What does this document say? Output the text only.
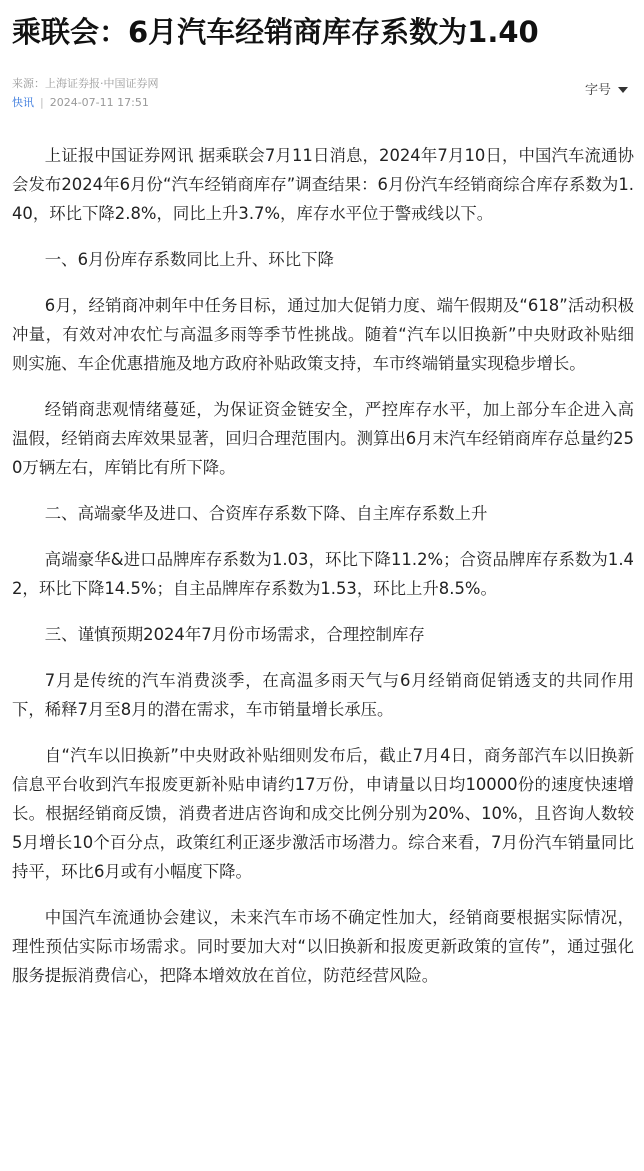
乘联会：6月汽车经销商库存系数为1.40
来源：上海证券报·中国证券网
快讯 | 2024-07-11 17:51
字号

上证报中国证券网讯 据乘联会7月11日消息，2024年7月10日，中国汽车流通协会发布2024年6月份“汽车经销商库存”调查结果：6月份汽车经销商综合库存系数为1.40，环比下降2.8%，同比上升3.7%，库存水平位于警戒线以下。

一、6月份库存系数同比上升、环比下降

6月，经销商冲刺年中任务目标，通过加大促销力度、端午假期及“618”活动积极冲量，有效对冲农忙与高温多雨等季节性挑战。随着“汽车以旧换新”中央财政补贴细则实施、车企优惠措施及地方政府补贴政策支持，车市终端销量实现稳步增长。

经销商悲观情绪蔓延，为保证资金链安全，严控库存水平，加上部分车企进入高温假，经销商去库效果显著，回归合理范围内。测算出6月末汽车经销商库存总量约250万辆左右，库销比有所下降。

二、高端豪华及进口、合资库存系数下降、自主库存系数上升

高端豪华&进口品牌库存系数为1.03，环比下降11.2%；合资品牌库存系数为1.42，环比下降14.5%；自主品牌库存系数为1.53，环比上升8.5%。

三、谨慎预期2024年7月份市场需求，合理控制库存

7月是传统的汽车消费淡季，在高温多雨天气与6月经销商促销透支的共同作用下，稀释7月至8月的潜在需求，车市销量增长承压。

自“汽车以旧换新”中央财政补贴细则发布后，截止7月4日，商务部汽车以旧换新信息平台收到汽车报废更新补贴申请约17万份，申请量以日均10000份的速度快速增长。根据经销商反馈，消费者进店咨询和成交比例分别为20%、10%，且咨询人数较5月增长10个百分点，政策红利正逐步激活市场潜力。综合来看，7月份汽车销量同比持平，环比6月或有小幅度下降。

中国汽车流通协会建议，未来汽车市场不确定性加大，经销商要根据实际情况，理性预估实际市场需求。同时要加大对“以旧换新和报废更新政策的宣传”，通过强化服务提振消费信心，把降本增效放在首位，防范经营风险。
